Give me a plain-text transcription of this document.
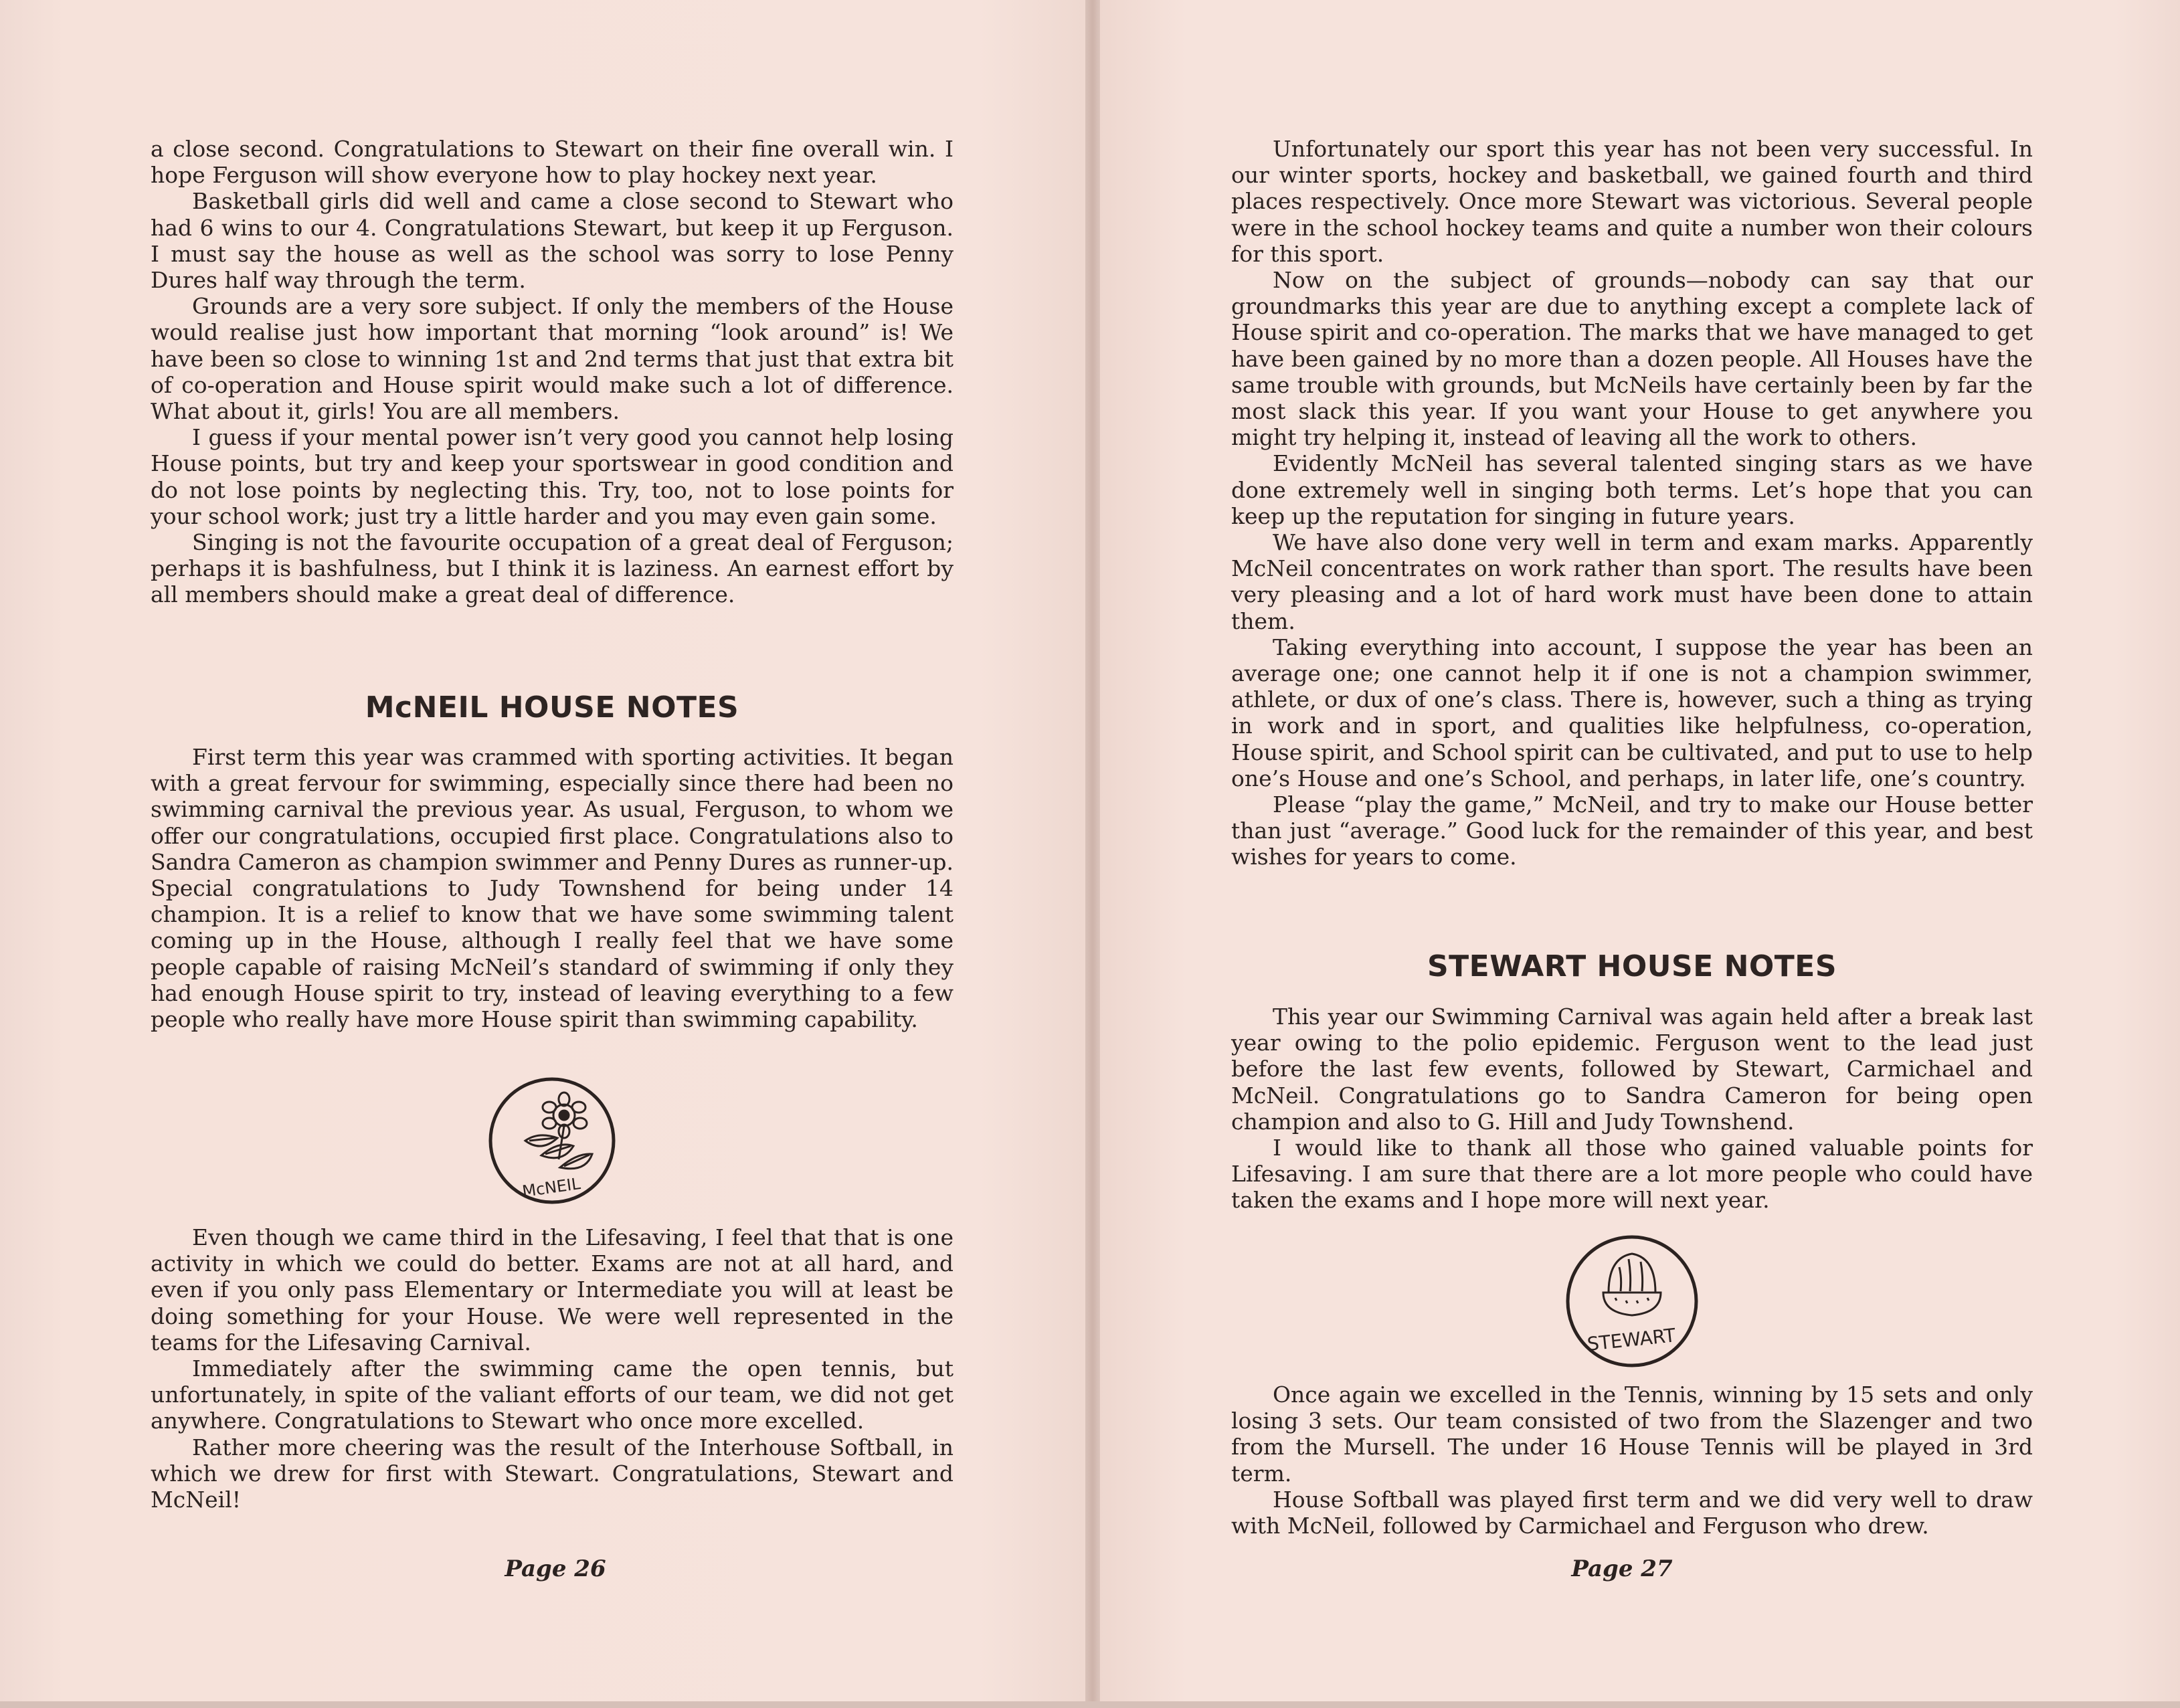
a close second. Congratulations to Stewart on their fine overall win. I hope Ferguson will show everyone how to play hockey next year.

Basketball girls did well and came a close second to Stewart who had 6 wins to our 4. Congratulations Stewart, but keep it up Ferguson. I must say the house as well as the school was sorry to lose Penny Dures half way through the term.

Grounds are a very sore subject. If only the members of the House would realise just how important that morning “look around” is! We have been so close to winning 1st and 2nd terms that just that extra bit of co-operation and House spirit would make such a lot of difference. What about it, girls! You are all members.

I guess if your mental power isn’t very good you cannot help losing House points, but try and keep your sportswear in good condition and do not lose points by neglecting this. Try, too, not to lose points for your school work; just try a little harder and you may even gain some.

Singing is not the favourite occupation of a great deal of Ferguson; perhaps it is bashfulness, but I think it is laziness. An earnest effort by all members should make a great deal of difference.

McNEIL HOUSE NOTES

First term this year was crammed with sporting activities. It began with a great fervour for swimming, especially since there had been no swimming carnival the previous year. As usual, Ferguson, to whom we offer our congratulations, occupied first place. Congratulations also to Sandra Cameron as champion swimmer and Penny Dures as runner-up. Special congratulations to Judy Townshend for being under 14 champion. It is a relief to know that we have some swimming talent coming up in the House, although I really feel that we have some people capable of raising McNeil’s standard of swimming if only they had enough House spirit to try, instead of leaving everything to a few people who really have more House spirit than swimming capability.

McNEIL

Even though we came third in the Lifesaving, I feel that that is one activity in which we could do better. Exams are not at all hard, and even if you only pass Elementary or Intermediate you will at least be doing something for your House. We were well represented in the teams for the Lifesaving Carnival.

Immediately after the swimming came the open tennis, but unfortunately, in spite of the valiant efforts of our team, we did not get anywhere. Congratulations to Stewart who once more excelled.

Rather more cheering was the result of the Interhouse Softball, in which we drew for first with Stewart. Congratulations, Stewart and McNeil!

Page 26

Unfortunately our sport this year has not been very successful. In our winter sports, hockey and basketball, we gained fourth and third places respectively. Once more Stewart was victorious. Several people were in the school hockey teams and quite a number won their colours for this sport.

Now on the subject of grounds—nobody can say that our groundmarks this year are due to anything except a complete lack of House spirit and co-operation. The marks that we have managed to get have been gained by no more than a dozen people. All Houses have the same trouble with grounds, but McNeils have certainly been by far the most slack this year. If you want your House to get anywhere you might try helping it, instead of leaving all the work to others.

Evidently McNeil has several talented singing stars as we have done extremely well in singing both terms. Let’s hope that you can keep up the reputation for singing in future years.

We have also done very well in term and exam marks. Apparently McNeil concentrates on work rather than sport. The results have been very pleasing and a lot of hard work must have been done to attain them.

Taking everything into account, I suppose the year has been an average one; one cannot help it if one is not a champion swimmer, athlete, or dux of one’s class. There is, however, such a thing as trying in work and in sport, and qualities like helpfulness, co-operation, House spirit, and School spirit can be cultivated, and put to use to help one’s House and one’s School, and perhaps, in later life, one’s country.

Please “play the game,” McNeil, and try to make our House better than just “average.” Good luck for the remainder of this year, and best wishes for years to come.

STEWART HOUSE NOTES

This year our Swimming Carnival was again held after a break last year owing to the polio epidemic. Ferguson went to the lead just before the last few events, followed by Stewart, Carmichael and McNeil. Congratulations go to Sandra Cameron for being open champion and also to G. Hill and Judy Townshend.

I would like to thank all those who gained valuable points for Lifesaving. I am sure that there are a lot more people who could have taken the exams and I hope more will next year.

STEWART

Once again we excelled in the Tennis, winning by 15 sets and only losing 3 sets. Our team consisted of two from the Slazenger and two from the Mursell. The under 16 House Tennis will be played in 3rd term.

House Softball was played first term and we did very well to draw with McNeil, followed by Carmichael and Ferguson who drew.

Page 27
